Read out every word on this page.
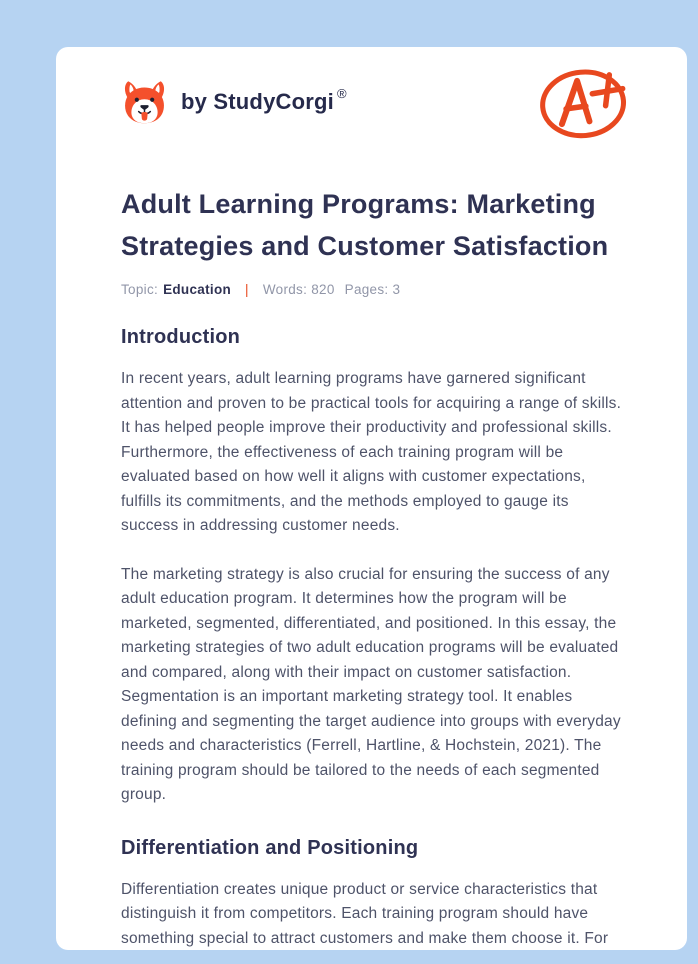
by StudyCorgi ®
Adult Learning Programs: Marketing Strategies and Customer Satisfaction
Topic: Education | Words: 820 Pages: 3
Introduction

In recent years, adult learning programs have garnered significant attention and proven to be practical tools for acquiring a range of skills. It has helped people improve their productivity and professional skills. Furthermore, the effectiveness of each training program will be evaluated based on how well it aligns with customer expectations, fulfills its commitments, and the methods employed to gauge its success in addressing customer needs.

The marketing strategy is also crucial for ensuring the success of any adult education program. It determines how the program will be marketed, segmented, differentiated, and positioned. In this essay, the marketing strategies of two adult education programs will be evaluated and compared, along with their impact on customer satisfaction. Segmentation is an important marketing strategy tool. It enables defining and segmenting the target audience into groups with everyday needs and characteristics (Ferrell, Hartline, & Hochstein, 2021). The training program should be tailored to the needs of each segmented group.

Differentiation and Positioning

Differentiation creates unique product or service characteristics that distinguish it from competitors. Each training program should have something special to attract customers and make them choose it. For
